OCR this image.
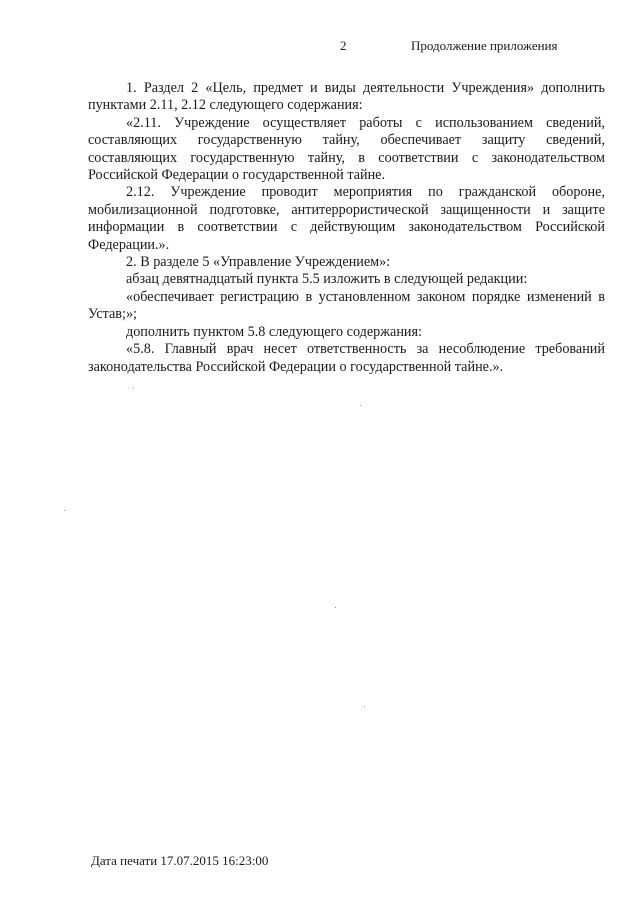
2	Продолжение приложения

1. Раздел 2 «Цель, предмет и виды деятельности Учреждения» дополнить пунктами 2.11, 2.12 следующего содержания:

«2.11. Учреждение осуществляет работы с использованием сведений, составляющих государственную тайну, обеспечивает защиту сведений, составляющих государственную тайну, в соответствии с законодательством Российской Федерации о государственной тайне.

2.12. Учреждение проводит мероприятия по гражданской обороне, мобилизационной подготовке, антитеррористической защищенности и защите информации в соответствии с действующим законодательством Российской Федерации.».

2. В разделе 5 «Управление Учреждением»:

абзац девятнадцатый пункта 5.5 изложить в следующей редакции:

«обеспечивает регистрацию в установленном законом порядке изменений в Устав;»;

дополнить пунктом 5.8 следующего содержания:

«5.8. Главный врач несет ответственность за несоблюдение требований законодательства Российской Федерации о государственной тайне.».

Дата печати 17.07.2015 16:23:00
